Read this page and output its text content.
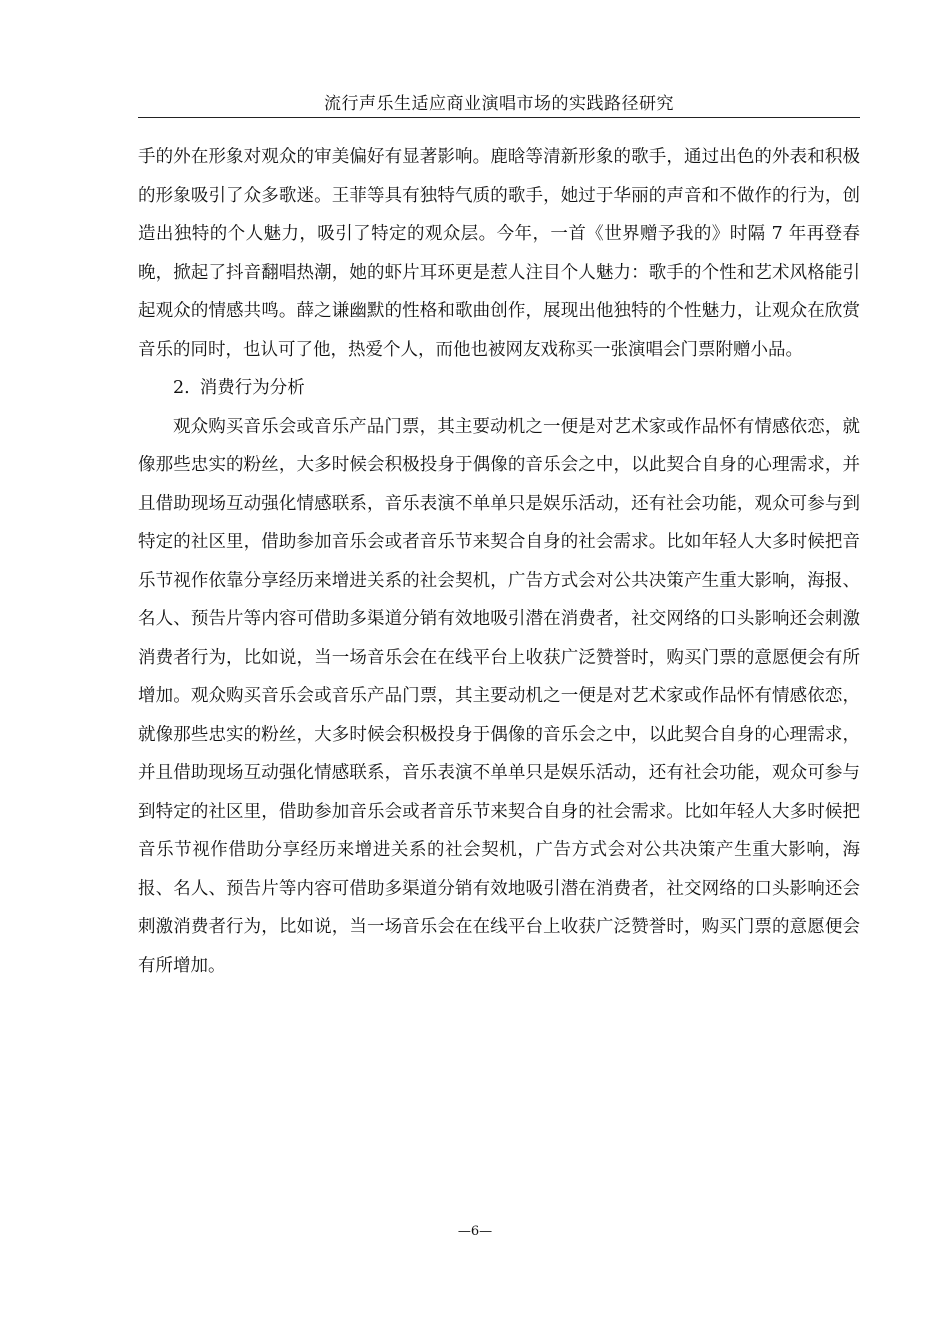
流行声乐生适应商业演唱市场的实践路径研究

手的外在形象对观众的审美偏好有显著影响。鹿晗等清新形象的歌手，通过出色的外表和积极的形象吸引了众多歌迷。王菲等具有独特气质的歌手，她过于华丽的声音和不做作的行为，创造出独特的个人魅力，吸引了特定的观众层。今年，一首《世界赠予我的》时隔 7 年再登春晚，掀起了抖音翻唱热潮，她的虾片耳环更是惹人注目个人魅力：歌手的个性和艺术风格能引起观众的情感共鸣。薛之谦幽默的性格和歌曲创作，展现出他独特的个性魅力，让观众在欣赏音乐的同时，也认可了他，热爱个人，而他也被网友戏称买一张演唱会门票附赠小品。

2. 消费行为分析

观众购买音乐会或音乐产品门票，其主要动机之一便是对艺术家或作品怀有情感依恋，就像那些忠实的粉丝，大多时候会积极投身于偶像的音乐会之中，以此契合自身的心理需求，并且借助现场互动强化情感联系，音乐表演不单单只是娱乐活动，还有社会功能，观众可参与到特定的社区里，借助参加音乐会或者音乐节来契合自身的社会需求。比如年轻人大多时候把音乐节视作依靠分享经历来增进关系的社会契机，广告方式会对公共决策产生重大影响，海报、名人、预告片等内容可借助多渠道分销有效地吸引潜在消费者，社交网络的口头影响还会刺激消费者行为，比如说，当一场音乐会在在线平台上收获广泛赞誉时，购买门票的意愿便会有所增加。观众购买音乐会或音乐产品门票，其主要动机之一便是对艺术家或作品怀有情感依恋，就像那些忠实的粉丝，大多时候会积极投身于偶像的音乐会之中，以此契合自身的心理需求，并且借助现场互动强化情感联系，音乐表演不单单只是娱乐活动，还有社会功能，观众可参与到特定的社区里，借助参加音乐会或者音乐节来契合自身的社会需求。比如年轻人大多时候把音乐节视作借助分享经历来增进关系的社会契机，广告方式会对公共决策产生重大影响，海报、名人、预告片等内容可借助多渠道分销有效地吸引潜在消费者，社交网络的口头影响还会刺激消费者行为，比如说，当一场音乐会在在线平台上收获广泛赞誉时，购买门票的意愿便会有所增加。

—6—
